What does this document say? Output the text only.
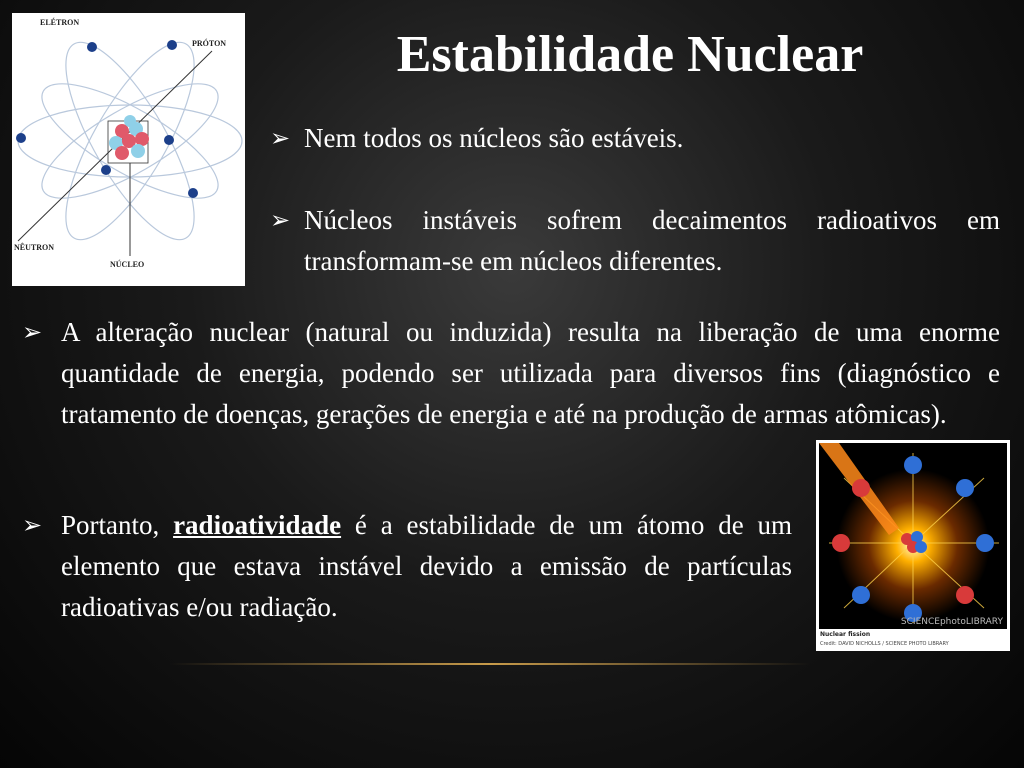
ELÉTRON
PRÓTON
NÊUTRON
NÚCLEO
Estabilidade Nuclear
➢ Nem todos os núcleos são estáveis.
➢ Núcleos instáveis sofrem decaimentos radioativos em transformam-se em núcleos diferentes.
➢ A alteração nuclear (natural ou induzida) resulta na liberação de uma enorme quantidade de energia, podendo ser utilizada para diversos fins (diagnóstico e tratamento de doenças, gerações de energia e até na produção de armas atômicas).
➢ Portanto, radioatividade é a estabilidade de um átomo de um elemento que estava instável devido a emissão de partículas radioativas e/ou radiação.	SCIENCEphotoLIBRARY
Nuclear fission
Credit: DAVID NICHOLLS / SCIENCE PHOTO LIBRARY
